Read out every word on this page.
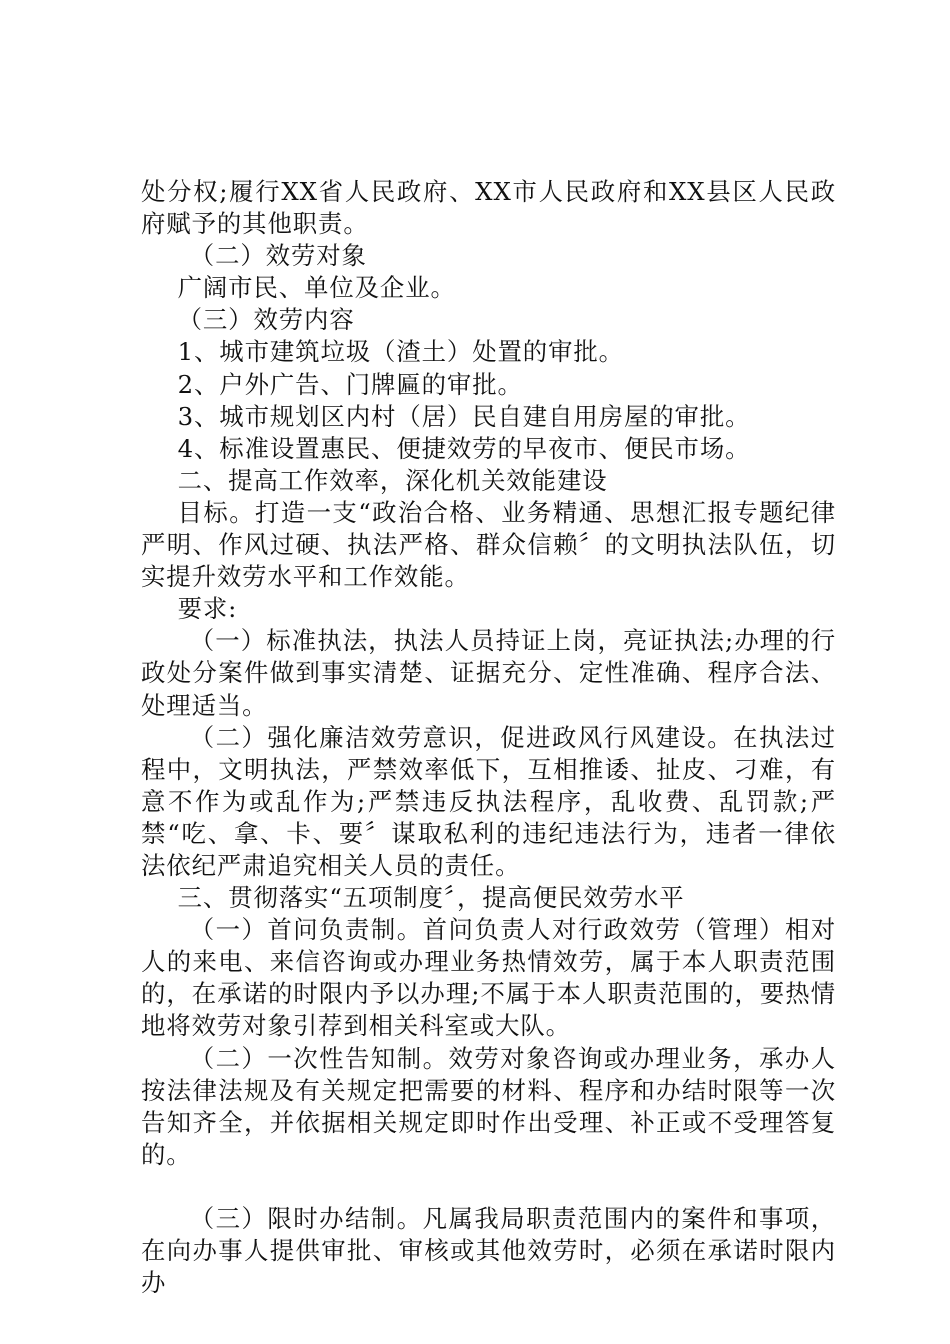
处分权;履行XX省人民政府、XX市人民政府和XX县区人民政府赋予的其他职责。

（二）效劳对象

广阔市民、单位及企业。

（三）效劳内容

1、城市建筑垃圾（渣土）处置的审批。

2、户外广告、门牌匾的审批。

3、城市规划区内村（居）民自建自用房屋的审批。

4、标准设置惠民、便捷效劳的早夜市、便民市场。

二、提高工作效率，深化机关效能建设

目标。打造一支“政治合格、业务精通、思想汇报专题纪律严明、作风过硬、执法严格、群众信赖〞的文明执法队伍，切实提升效劳水平和工作效能。

要求:

（一）标准执法，执法人员持证上岗，亮证执法;办理的行政处分案件做到事实清楚、证据充分、定性准确、程序合法、处理适当。

（二）强化廉洁效劳意识，促进政风行风建设。在执法过程中，文明执法，严禁效率低下，互相推诿、扯皮、刁难，有意不作为或乱作为;严禁违反执法程序，乱收费、乱罚款;严禁“吃、拿、卡、要〞谋取私利的违纪违法行为，违者一律依法依纪严肃追究相关人员的责任。

三、贯彻落实“五项制度〞，提高便民效劳水平

（一）首问负责制。首问负责人对行政效劳（管理）相对人的来电、来信咨询或办理业务热情效劳，属于本人职责范围的，在承诺的时限内予以办理;不属于本人职责范围的，要热情地将效劳对象引荐到相关科室或大队。

（二）一次性告知制。效劳对象咨询或办理业务，承办人按法律法规及有关规定把需要的材料、程序和办结时限等一次告知齐全，并依据相关规定即时作出受理、补正或不受理答复的。

（三）限时办结制。凡属我局职责范围内的案件和事项，在向办事人提供审批、审核或其他效劳时，必须在承诺时限内办
